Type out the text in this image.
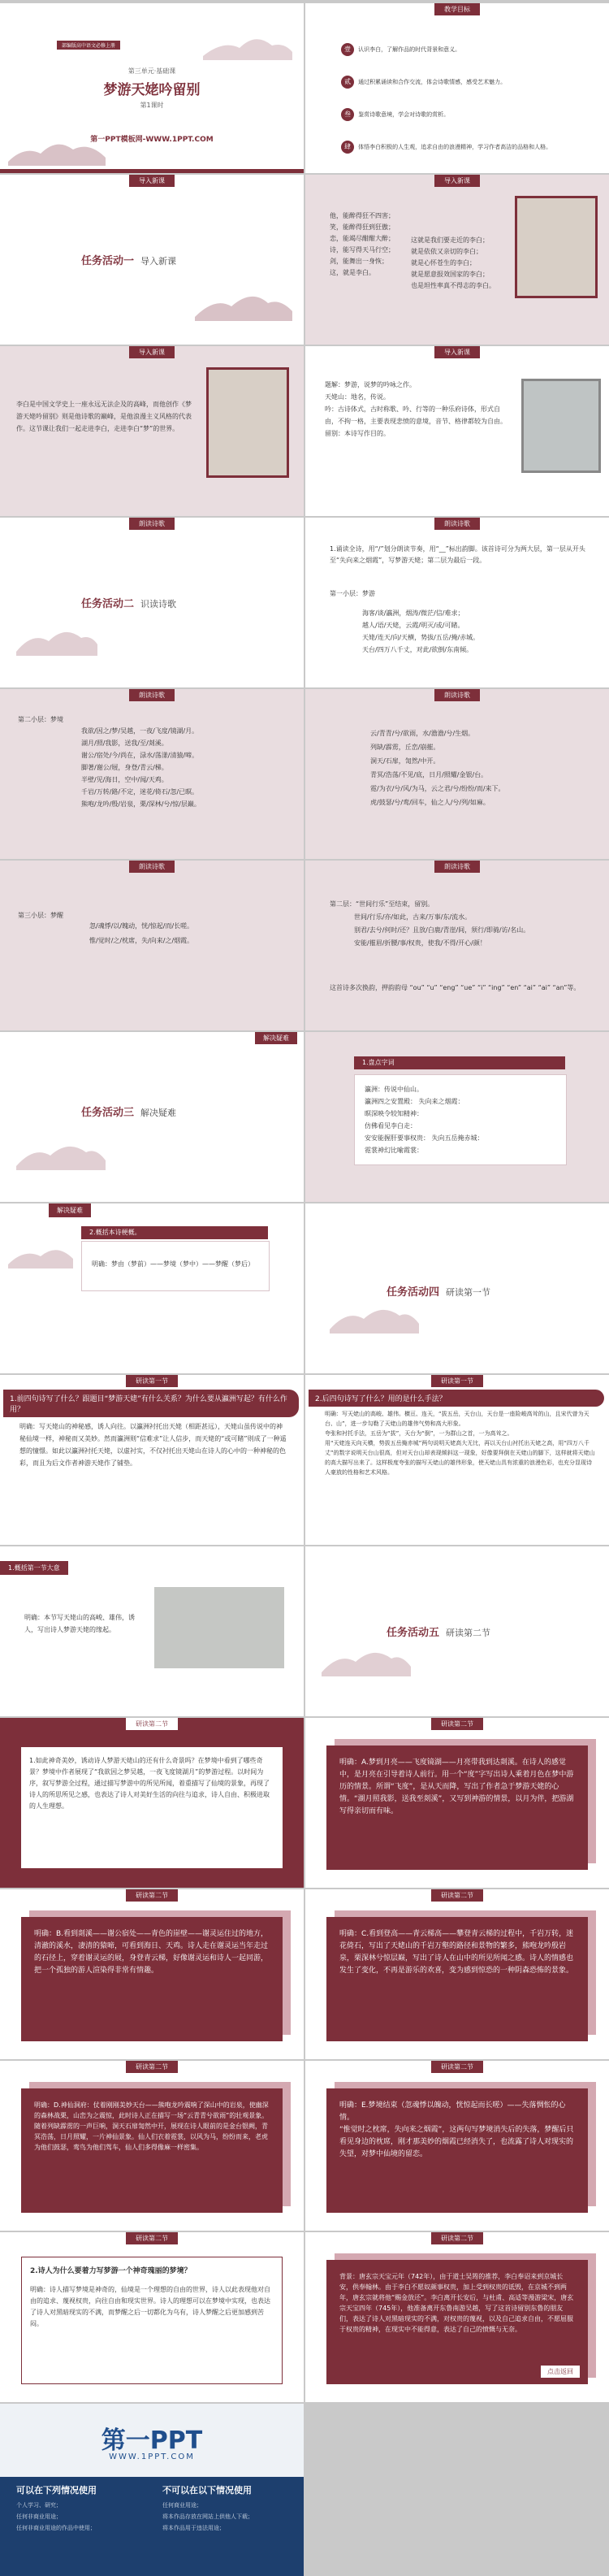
部编版高中语文必修上册
第三单元·基础课
梦游天姥吟留别
第1课时
第一PPT模板网-WWW.1PPT.COM
教学目标
壹 认识李白，了解作品的时代背景和意义。
贰 通过积累诵读和合作交流，体会诗歌情感，感受艺术魅力。
叁 鉴赏诗歌意境，学会对诗歌的赏析。
肆 体悟李白积极的人生观，追求自由的浪漫精神，学习作者高洁的品格和人格。
导入新课
任务活动一 导入新课
导入新课
他，能醉得狂不四害；
笑，能醉得狂到狂傲；
恋，能竭尽酣酣大醉；
诗，能写得天马行空；
剑，能舞出一身恢；
这，就是李白。
这就是我们要走近的李白；
就是依依又亲切的李白；
就是心怀苍生的李白；
就是愿意报效国家的李白；
也是坦性率真不得志的李白。
导入新课
李白是中国文学史上一座永远无法企及的高峰，而他创作《梦游天姥吟留别》则是他诗歌的巅峰，是他浪漫主义风格的代表作。这节课让我们一起走进李白，走进李白“梦”的世界。
导入新课
题解：梦游，说梦的吟咏之作。
天姥山：地名，传说。
吟：古诗体式，古时称歌、吟、行等的一种乐府诗体，形式自由，不拘一格，主要表现悲愤的意境，音节、格律都较为自由。
留别：本诗写作目的。
朗读诗歌
任务活动二 识读诗歌
朗读诗歌
1.诵读全诗，用“/”划分朗读节奏，用“__”标出韵脚。该首诗可分为两大层，第一层从开头至“失向来之烟霞”，写梦游天姥；第二层为最后一段。
第一小层：梦游
海客/谈/瀛洲，烟涛/微茫/信/难求；
越人/语/天姥，云霞/明灭/或/可睹。
天姥/连天/向/天横，势拔/五岳/掩/赤城。
天台/四万八千丈，对此/欲倒/东南倾。
朗读诗歌
第二小层：梦境
我欲/因之/梦/吴越，一夜/飞度/镜湖/月。
湖月/照/我影，送我/至/剡溪。
谢公/宿处/今/尚在，渌水/荡漾/清猿/啼。
脚著/谢公/屐，身登/青云/梯。
半壁/见/海日，空中/闻/天鸡。
千岩/万转/路/不定，迷花/倚石/忽/已暝。
熊咆/龙吟/殷/岩泉，栗/深林/兮/惊/层巅。
朗读诗歌
云/青青/兮/欲雨，水/澹澹/兮/生烟。
列缺/霹雳，丘峦/崩摧。
洞天/石扉，訇然/中开。
青冥/浩荡/不见/底，日月/照耀/金银/台。
霓/为衣/兮/风/为马，云之君/兮/纷纷/而/来下。
虎/鼓瑟/兮/鸾/回车，仙之人/兮/列/如麻。
朗读诗歌
第三小层：梦醒
忽/魂悸/以/魄动，恍/惊起/而/长嗟。
惟/觉时/之/枕席，失/向来/之/烟霞。
朗读诗歌
第二层：“世间行乐”至结束，留别。
世间/行乐/亦/如此，古来/万事/东/流水。
别君/去兮/何时/还？且放/白鹿/青崖/间，须行/即骑/访/名山。
安能/摧眉/折腰/事/权贵，使我/不得/开心/颜！
这首诗多次换韵，押韵韵母 “ou” “u” “eng” “ue” “i” “ing” “en” “ai” “ai” “an”等。
解决疑难
任务活动三 解决疑难
1.盘点字词
瀛洲：传说中仙山。
瀛洲四之安置殿： 失向来之烟霞：
暝深映令较知精神：
仿佛看见李白走：
安安能握肝要事权贵： 失向五岳掩赤城：
霓裳神幻比喻霞裳：
解决疑难
2.概括本诗梗概。
明确：梦由（梦前）——梦境（梦中）——梦醒（梦后）
任务活动四 研读第一节
研读第一节
1.前四句诗写了什么？跟题目“梦游天姥”有什么关系？为什么要从瀛洲写起？有什么作用？
明确：写天姥山的神秘感，诱人向往。以瀛洲衬托出天姥（相距甚远），天姥山虽传说中的神秘仙境一样，神秘而又美妙。然而瀛洲则“信难求”让人信步，而天姥的“或可睹”则成了一种遥想的憧憬。如此以瀛洲衬托天姥，以虚衬实，不仅衬托出天姥山在诗人的心中的一种神秘的色彩，而且为后文作者神游天姥作了铺垫。
研读第一节
2.后四句诗写了什么？用的是什么手法？
明确：写天姥山的高峻、雄伟。横亘、连天，“拔五岳，天台山，天台是一座险峻高耸的山，且宋代曾为天台、山”，进一步勾勒了天姥山的雄伟气势和高大形象。
夸张和衬托手法，五岳为“拔”，天台为“倒”，一为群山之首，一为高耸之。
用“天姥连天向天横，势拔五岳掩赤城”两句说明天姥高大无比，再以天台山衬托出天姥之高，用“四万八千丈”的数字说明天台山很高，但对天台山却表现倾斜这一现象，好像要拜倒在天姥山的脚下，这样就将天姥山的高大描写出来了。这样极度夸张的描写天姥山的雄伟形象，使天姥山具有浓重的浪漫色彩，也充分显现诗人豪放的性格和艺术风格。
1.概括第一节大意
明确：本节写天姥山的高峻、雄伟，诱人，写出诗人梦游天姥的缘起。	任务活动五 研读第二节
研读第二节
1.如此神奇美妙，诱动诗人梦游天姥山的还有什么奇景吗？在梦境中看到了哪些奇景？梦境中作者展现了“我欲因之梦吴越，一夜飞度镜湖月”的梦游过程。以时间为序，叙写梦游全过程，通过描写梦游中的所见所闻，着重描写了仙境的景象，再现了诗人的所思所见之感，也表达了诗人对美好生活的向往与追求，诗人自由、积极进取的人生理想。
研读第二节
明确：A.梦到月亮——飞度镜湖——月亮带我到达剡溪。在诗人的感觉中，是月亮在引导着诗人前行。用一个“度”字写出诗人乘着月色在梦中游历的情景。所谓“飞度”，是从天而降，写出了作者急于梦游天姥的心情。“湖月照我影，送我至剡溪”，又写到神游的情景，以月为伴，把游湖写得亲切而有味。
研读第二节
明确：B.看到剡溪——谢公宿处——青色的崖壁——谢灵运住过的地方，清澈的溪水，凄清的猿啼，可看到海日、天鸡。诗人走在谢灵运当年走过的石径上，穿着谢灵运的屐，身登青云梯，好像谢灵运和诗人一起同游，把一个孤独的游人渲染得非常有情趣。
研读第二节
明确：C.看到登高——青云梯高——攀登青云梯的过程中，千岩万转，迷花倚石，写出了天姥山的千岩万壑的路径和景物的繁多，熊咆龙吟殷岩泉，栗深林兮惊层巅，写出了诗人在山中的所见所闻之感。诗人的情感也发生了变化，不再是游乐的欢喜，变为感到惊恐的一种阴森恐怖的景象。
研读第二节
明确：D.神仙洞府：仗着刚刚美妙天台——熊咆龙吟震响了深山中的岩泉，使幽深的森林战栗，山峦为之震惊，此时诗人正在描写一场“云青青兮欲雨”的壮观景象。随着列缺霹雳的一声巨响，洞天石扉訇然中开，展现在诗人眼前的是金台银阙，青冥浩荡，日月照耀，一片神仙景象。仙人们衣着霓裳，以风为马，纷纷而来，老虎为他们鼓瑟，鸾鸟为他们驾车，仙人们多得像麻一样密集。
研读第二节
明确：E.梦境结束（忽魂悸以魄动，恍惊起而长嗟）——失落惆怅的心情。
“惟觉时之枕席，失向来之烟霞”，这两句写梦境消失后的失落，梦醒后只看见身边的枕席，刚才那美妙的烟霞已经消失了，也流露了诗人对现实的失望，对梦中仙境的留恋。
研读第二节
2.诗人为什么要着力写梦游一个神奇瑰丽的梦境？
明确：诗人描写梦境是神奇的，仙境是一个理想的自由的世界，诗人以此表现他对自由的追求、蔑视权贵，向往自由和现实世界。诗人的理想可以在梦境中实现，也表达了诗人对黑暗现实的不满，而梦醒之后一切都化为乌有，诗人梦醒之后更加感到苦闷。
研读第二节
背景：唐玄宗天宝元年（742年），由于道士吴筠的推荐，李白奉诏来到京城长安，供奉翰林。由于李白不愿奴颜事权贵，加上受到权贵的诋毁，在京城不到两年，唐玄宗就将他“赐金放还”。李白离开长安后，与杜甫、高适等漫游梁宋，唐玄宗天宝四年（745年），他准备离开东鲁南游吴越，写了这首诗留别东鲁的朋友们，表达了诗人对黑暗现实的不满，对权贵的蔑视，以及自己追求自由，不愿屈服于权贵的精神，在现实中不能得意，表达了自己的愤慨与无奈。
点击返回
第一PPT
WWW.1PPT.COM
可以在下列情况使用
个人学习、研究；
任何非商业用途；
任何非商业用途的作品中使用；
不可以在以下情况使用
任何商业用途；
将本作品存放在网站上供他人下载；
将本作品用于违法用途；
